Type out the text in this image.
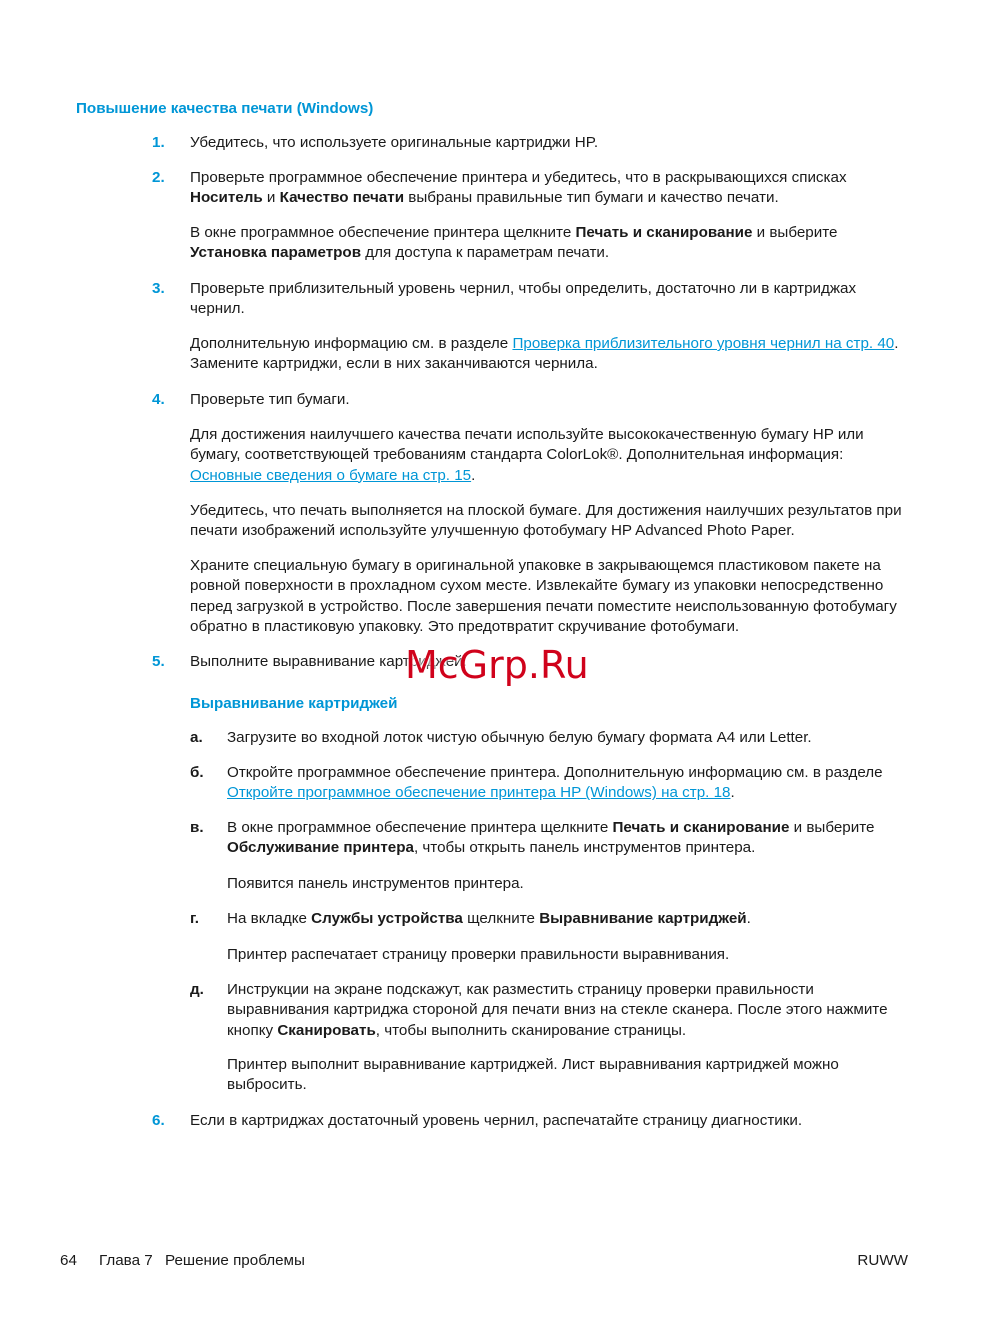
Повышение качества печати (Windows)
1.	Убедитесь, что используете оригинальные картриджи HP.
2.	Проверьте программное обеспечение принтера и убедитесь, что в раскрывающихся списках Носитель и Качество печати выбраны правильные тип бумаги и качество печати.
В окне программное обеспечение принтера щелкните Печать и сканирование и выберите Установка параметров для доступа к параметрам печати.
3.	Проверьте приблизительный уровень чернил, чтобы определить, достаточно ли в картриджах чернил.
Дополнительную информацию см. в разделе Проверка приблизительного уровня чернил на стр. 40. Замените картриджи, если в них заканчиваются чернила.
4.	Проверьте тип бумаги.
Для достижения наилучшего качества печати используйте высококачественную бумагу HP или бумагу, соответствующей требованиям стандарта ColorLok®. Дополнительная информация: Основные сведения о бумаге на стр. 15.
Убедитесь, что печать выполняется на плоской бумаге. Для достижения наилучших результатов при печати изображений используйте улучшенную фотобумагу HP Advanced Photo Paper.
Храните специальную бумагу в оригинальной упаковке в закрывающемся пластиковом пакете на ровной поверхности в прохладном сухом месте. Извлекайте бумагу из упаковки непосредственно перед загрузкой в устройство. После завершения печати поместите неиспользованную фотобумагу обратно в пластиковую упаковку. Это предотвратит скручивание фотобумаги.
5.	Выполните выравнивание картриджей.
Выравнивание картриджей
а.	Загрузите во входной лоток чистую обычную белую бумагу формата A4 или Letter.
б.	Откройте программное обеспечение принтера. Дополнительную информацию см. в разделе Откройте программное обеспечение принтера HP (Windows) на стр. 18.
в.	В окне программное обеспечение принтера щелкните Печать и сканирование и выберите Обслуживание принтера, чтобы открыть панель инструментов принтера.
Появится панель инструментов принтера.
г.	На вкладке Службы устройства щелкните Выравнивание картриджей.
Принтер распечатает страницу проверки правильности выравнивания.
д.	Инструкции на экране подскажут, как разместить страницу проверки правильности выравнивания картриджа стороной для печати вниз на стекле сканера. После этого нажмите кнопку Сканировать, чтобы выполнить сканирование страницы.
Принтер выполнит выравнивание картриджей. Лист выравнивания картриджей можно выбросить.
6.	Если в картриджах достаточный уровень чернил, распечатайте страницу диагностики.
McGrp.Ru
64 Глава 7 Решение проблемы	RUWW
